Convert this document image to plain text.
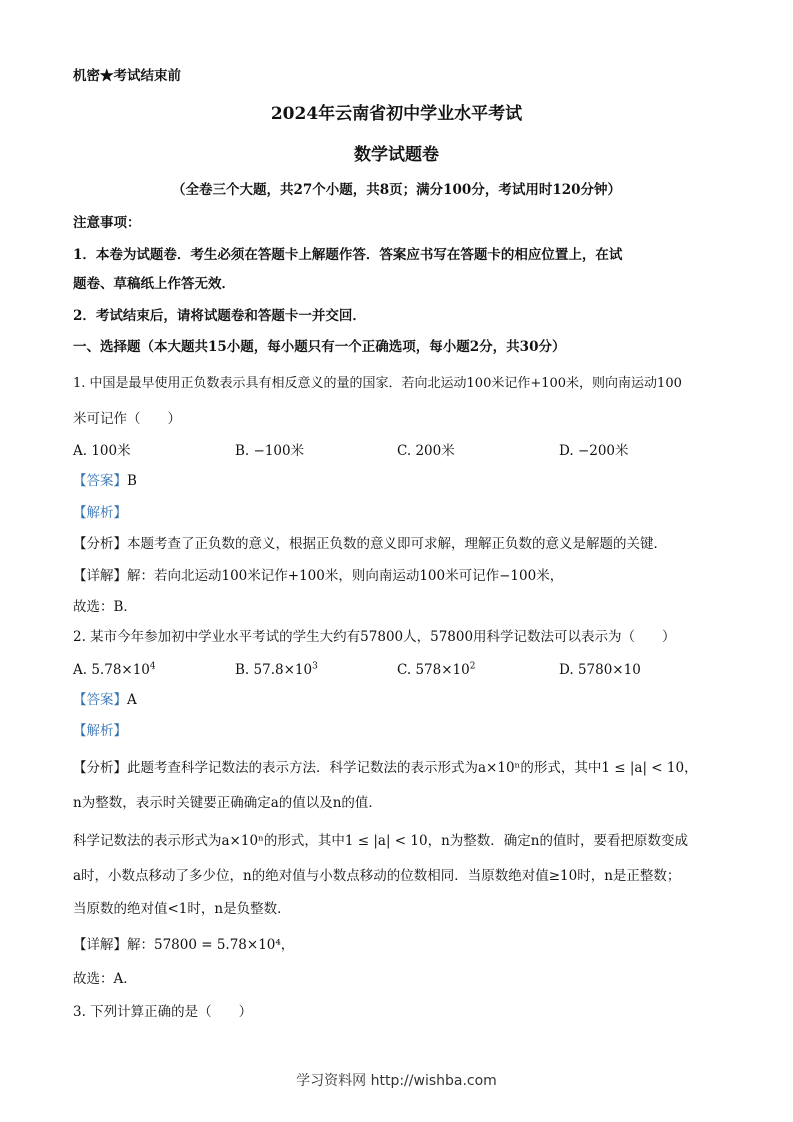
机密★考试结束前
2024年云南省初中学业水平考试
数学试题卷
（全卷三个大题，共27个小题，共8页；满分100分，考试用时120分钟）
注意事项：
1．本卷为试题卷．考生必须在答题卡上解题作答．答案应书写在答题卡的相应位置上，在试
题卷、草稿纸上作答无效．
2．考试结束后，请将试题卷和答题卡一并交回．
一、选择题（本大题共15小题，每小题只有一个正确选项，每小题2分，共30分）
1. 中国是最早使用正负数表示具有相反意义的量的国家．若向北运动100米记作+100米，则向南运动100
米可记作（　　）
A. 100米	B. −100米	C. 200米	D. −200米
【答案】B
【解析】
【分析】本题考查了正负数的意义，根据正负数的意义即可求解，理解正负数的意义是解题的关键．
【详解】解：若向北运动100米记作+100米，则向南运动100米可记作−100米，
故选：B．
2. 某市今年参加初中学业水平考试的学生大约有57800人，57800用科学记数法可以表示为（　　）
A. $5.78\times 10^4$	B. $57.8\times 10^3$	C. $578\times 10^2$	D. 5780×10
【答案】A
【解析】
【分析】此题考查科学记数法的表示方法．科学记数法的表示形式为a×10ⁿ的形式，其中1 ≤ |a| < 10，
n为整数，表示时关键要正确确定a的值以及n的值．
科学记数法的表示形式为a×10ⁿ的形式，其中1 ≤ |a| < 10，n为整数．确定n的值时，要看把原数变成
a时，小数点移动了多少位，n的绝对值与小数点移动的位数相同．当原数绝对值≥10时，n是正整数；
当原数的绝对值<1时，n是负整数．
【详解】解：57800 = 5.78×10⁴，
故选：A．
3. 下列计算正确的是（　　）
学习资料网 http://wishba.com
